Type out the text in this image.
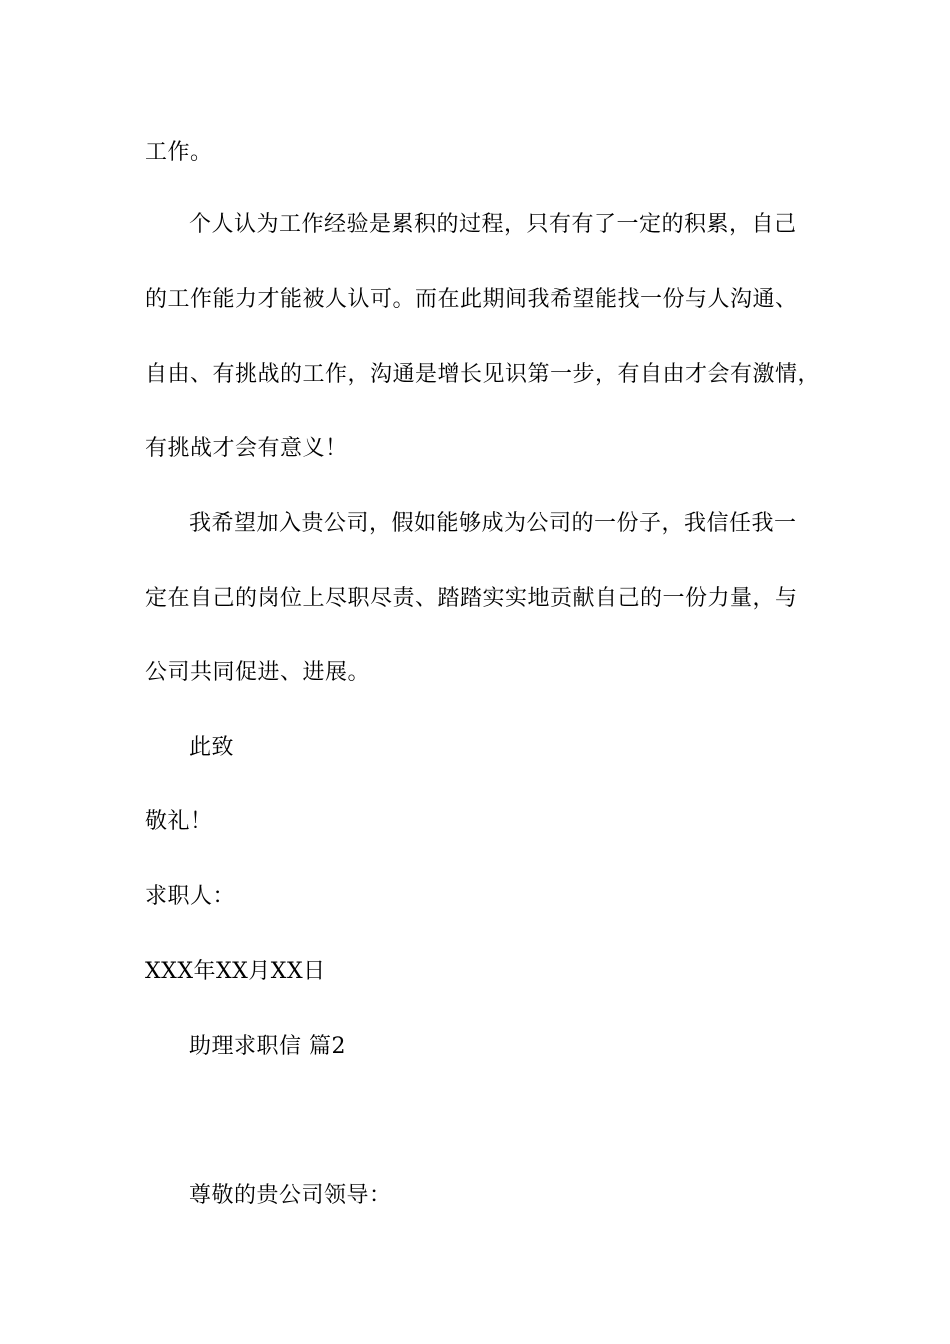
工作。
个人认为工作经验是累积的过程，只有有了一定的积累，自己
的工作能力才能被人认可。而在此期间我希望能找一份与人沟通、
自由、有挑战的工作，沟通是增长见识第一步，有自由才会有激情，
有挑战才会有意义！
我希望加入贵公司，假如能够成为公司的一份子，我信任我一
定在自己的岗位上尽职尽责、踏踏实实地贡献自己的一份力量，与
公司共同促进、进展。
此致
敬礼！
求职人：
XXX年XX月XX日
助理求职信 篇2
尊敬的贵公司领导：
